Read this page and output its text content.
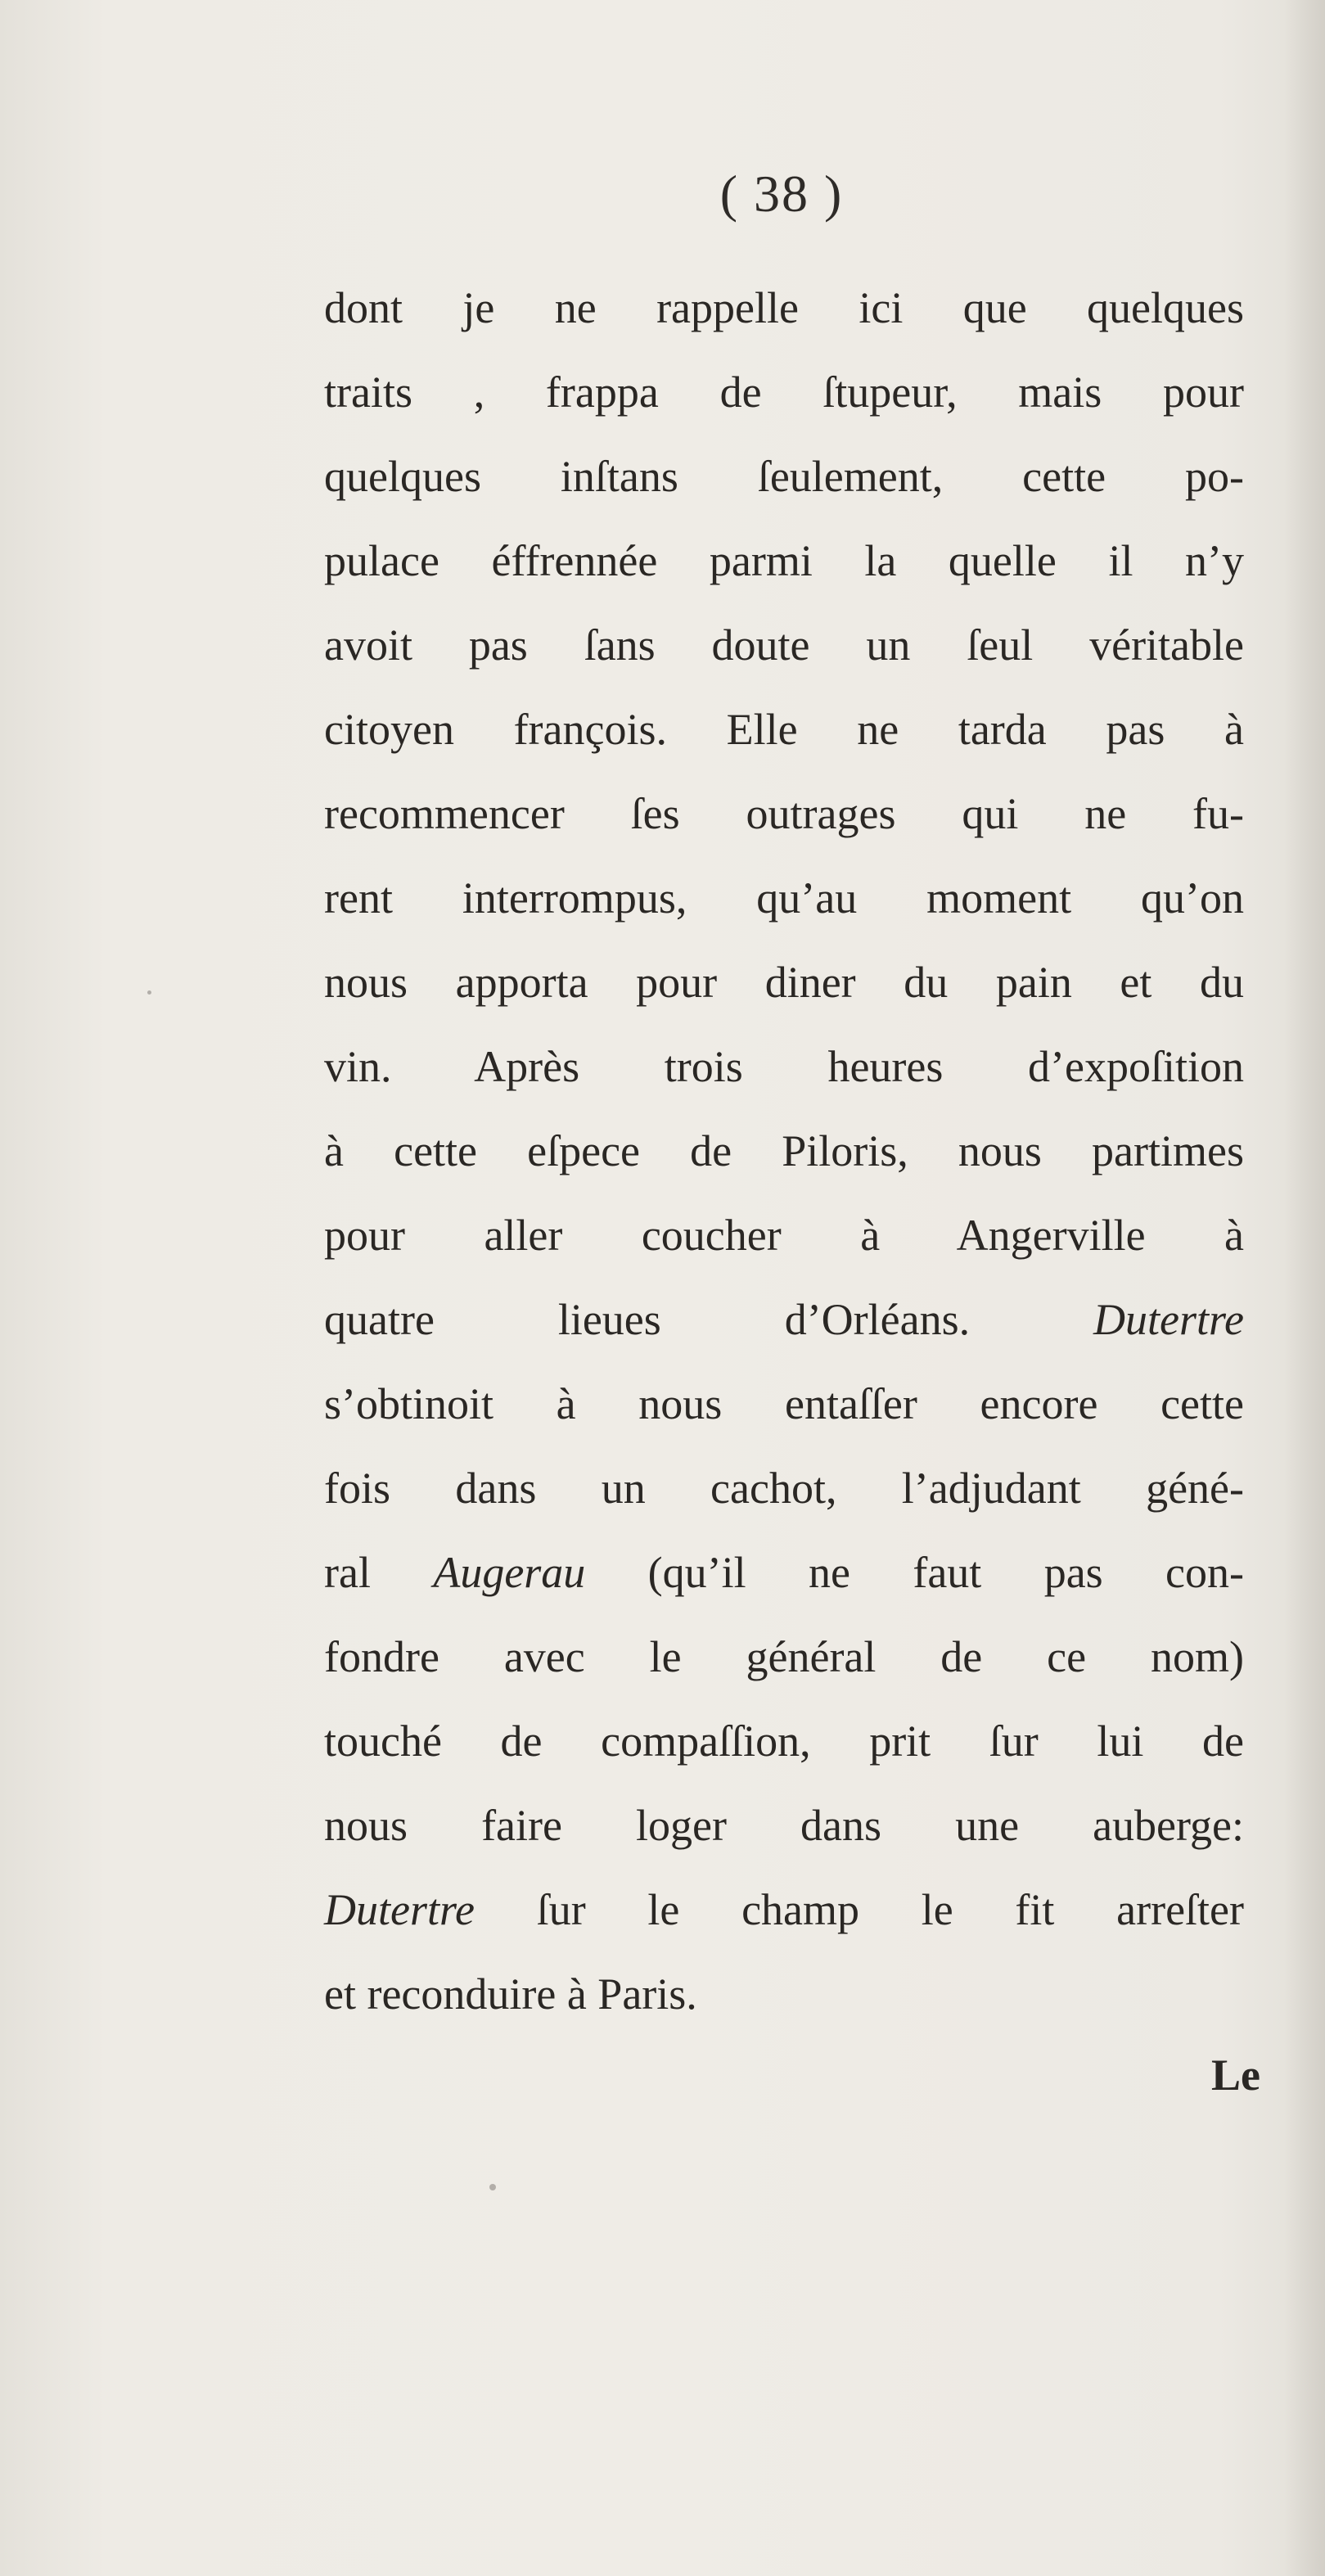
( 38 )
dont je ne rappelle ici que quelques
traits , frappa de ſtupeur, mais pour
quelques inſtans ſeulement, cette po-
pulace éffrennée parmi la quelle il n’y
avoit pas ſans doute un ſeul véritable
citoyen françois. Elle ne tarda pas à
recommencer ſes outrages qui ne fu-
rent interrompus, qu’au moment qu’on
nous apporta pour diner du pain et du
vin. Après trois heures d’expoſition
à cette eſpece de Piloris, nous partimes
pour aller coucher à Angerville à
quatre lieues d’Orléans. Dutertre
s’obtinoit à nous entaſſer encore cette
fois dans un cachot, l’adjudant géné-
ral Augerau (qu’il ne faut pas con-
fondre avec le général de ce nom)
touché de compaſſion, prit ſur lui de
nous faire loger dans une auberge:
Dutertre ſur le champ le fit arreſter
et reconduire à Paris.
Le
